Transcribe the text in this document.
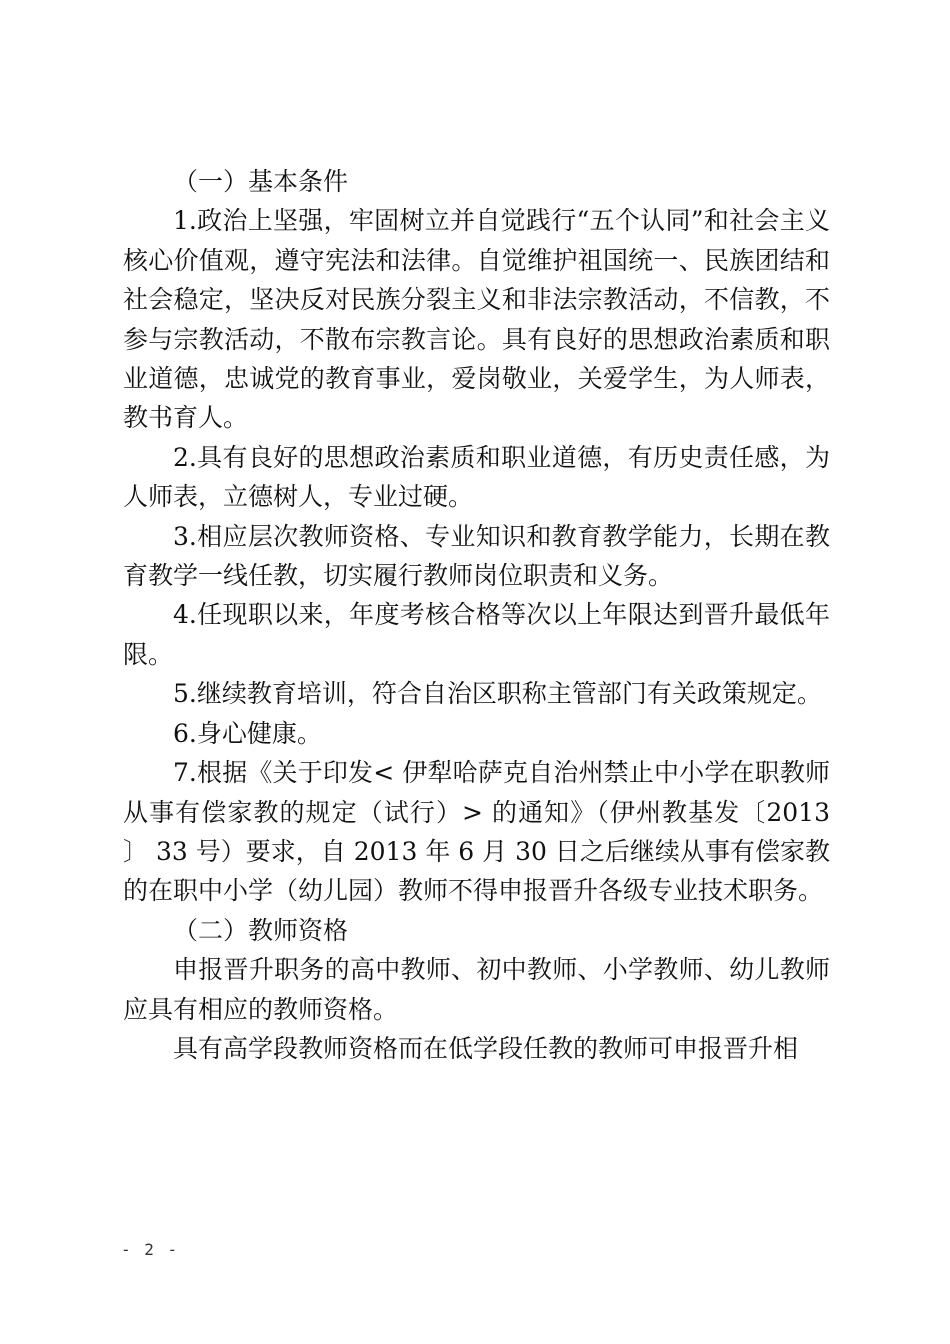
（一）基本条件

1.政治上坚强，牢固树立并自觉践行“五个认同”和社会主义核心价值观，遵守宪法和法律。自觉维护祖国统一、民族团结和社会稳定，坚决反对民族分裂主义和非法宗教活动，不信教，不参与宗教活动，不散布宗教言论。具有良好的思想政治素质和职业道德，忠诚党的教育事业，爱岗敬业，关爱学生，为人师表，教书育人。

2.具有良好的思想政治素质和职业道德，有历史责任感，为人师表，立德树人，专业过硬。

3.相应层次教师资格、专业知识和教育教学能力，长期在教育教学一线任教，切实履行教师岗位职责和义务。

4.任现职以来，年度考核合格等次以上年限达到晋升最低年限。

5.继续教育培训，符合自治区职称主管部门有关政策规定。

6.身心健康。

7.根据《关于印发< 伊犁哈萨克自治州禁止中小学在职教师从事有偿家教的规定（试行）> 的通知》（伊州教基发〔2013 〕 33 号）要求，自 2013 年 6 月 30 日之后继续从事有偿家教的在职中小学（幼儿园）教师不得申报晋升各级专业技术职务。

（二）教师资格

申报晋升职务的高中教师、初中教师、小学教师、幼儿教师应具有相应的教师资格。

具有高学段教师资格而在低学段任教的教师可申报晋升相

- 2 -
